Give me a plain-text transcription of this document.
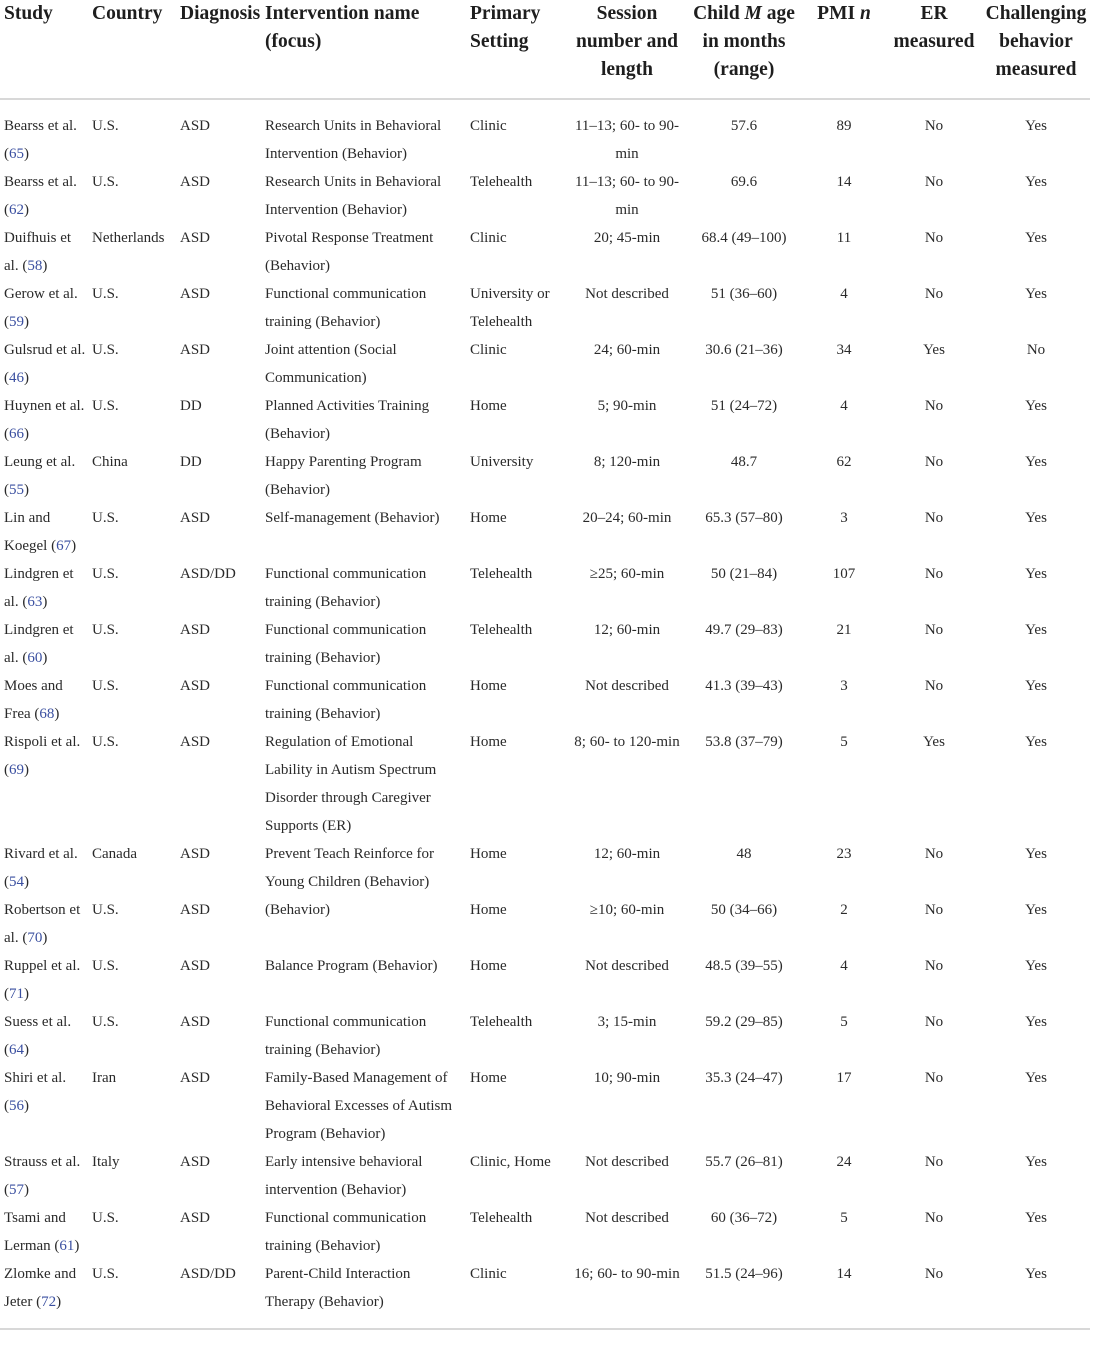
Study	Country	Diagnosis	Intervention name (focus)	Primary Setting	Session number and length	Child M age in months (range)	PMI n	ER measured	Challenging behavior measured
Bearss et al. (65)	U.S.	ASD	Research Units in Behavioral Intervention (Behavior)	Clinic	11–13; 60- to 90-min	57.6	89	No	Yes
Bearss et al. (62)	U.S.	ASD	Research Units in Behavioral Intervention (Behavior)	Telehealth	11–13; 60- to 90-min	69.6	14	No	Yes
Duifhuis et al. (58)	Netherlands	ASD	Pivotal Response Treatment (Behavior)	Clinic	20; 45-min	68.4 (49–100)	11	No	Yes
Gerow et al. (59)	U.S.	ASD	Functional communication training (Behavior)	University or Telehealth	Not described	51 (36–60)	4	No	Yes
Gulsrud et al. (46)	U.S.	ASD	Joint attention (Social Communication)	Clinic	24; 60-min	30.6 (21–36)	34	Yes	No
Huynen et al. (66)	U.S.	DD	Planned Activities Training (Behavior)	Home	5; 90-min	51 (24–72)	4	No	Yes
Leung et al. (55)	China	DD	Happy Parenting Program (Behavior)	University	8; 120-min	48.7	62	No	Yes
Lin and Koegel (67)	U.S.	ASD	Self-management (Behavior)	Home	20–24; 60-min	65.3 (57–80)	3	No	Yes
Lindgren et al. (63)	U.S.	ASD/DD	Functional communication training (Behavior)	Telehealth	≥25; 60-min	50 (21–84)	107	No	Yes
Lindgren et al. (60)	U.S.	ASD	Functional communication training (Behavior)	Telehealth	12; 60-min	49.7 (29–83)	21	No	Yes
Moes and Frea (68)	U.S.	ASD	Functional communication training (Behavior)	Home	Not described	41.3 (39–43)	3	No	Yes
Rispoli et al. (69)	U.S.	ASD	Regulation of Emotional Lability in Autism Spectrum Disorder through Caregiver Supports (ER)	Home	8; 60- to 120-min	53.8 (37–79)	5	Yes	Yes
Rivard et al. (54)	Canada	ASD	Prevent Teach Reinforce for Young Children (Behavior)	Home	12; 60-min	48	23	No	Yes
Robertson et al. (70)	U.S.	ASD	(Behavior)	Home	≥10; 60-min	50 (34–66)	2	No	Yes
Ruppel et al. (71)	U.S.	ASD	Balance Program (Behavior)	Home	Not described	48.5 (39–55)	4	No	Yes
Suess et al. (64)	U.S.	ASD	Functional communication training (Behavior)	Telehealth	3; 15-min	59.2 (29–85)	5	No	Yes
Shiri et al. (56)	Iran	ASD	Family-Based Management of Behavioral Excesses of Autism Program (Behavior)	Home	10; 90-min	35.3 (24–47)	17	No	Yes
Strauss et al. (57)	Italy	ASD	Early intensive behavioral intervention (Behavior)	Clinic, Home	Not described	55.7 (26–81)	24	No	Yes
Tsami and Lerman (61)	U.S.	ASD	Functional communication training (Behavior)	Telehealth	Not described	60 (36–72)	5	No	Yes
Zlomke and Jeter (72)	U.S.	ASD/DD	Parent-Child Interaction Therapy (Behavior)	Clinic	16; 60- to 90-min	51.5 (24–96)	14	No	Yes
